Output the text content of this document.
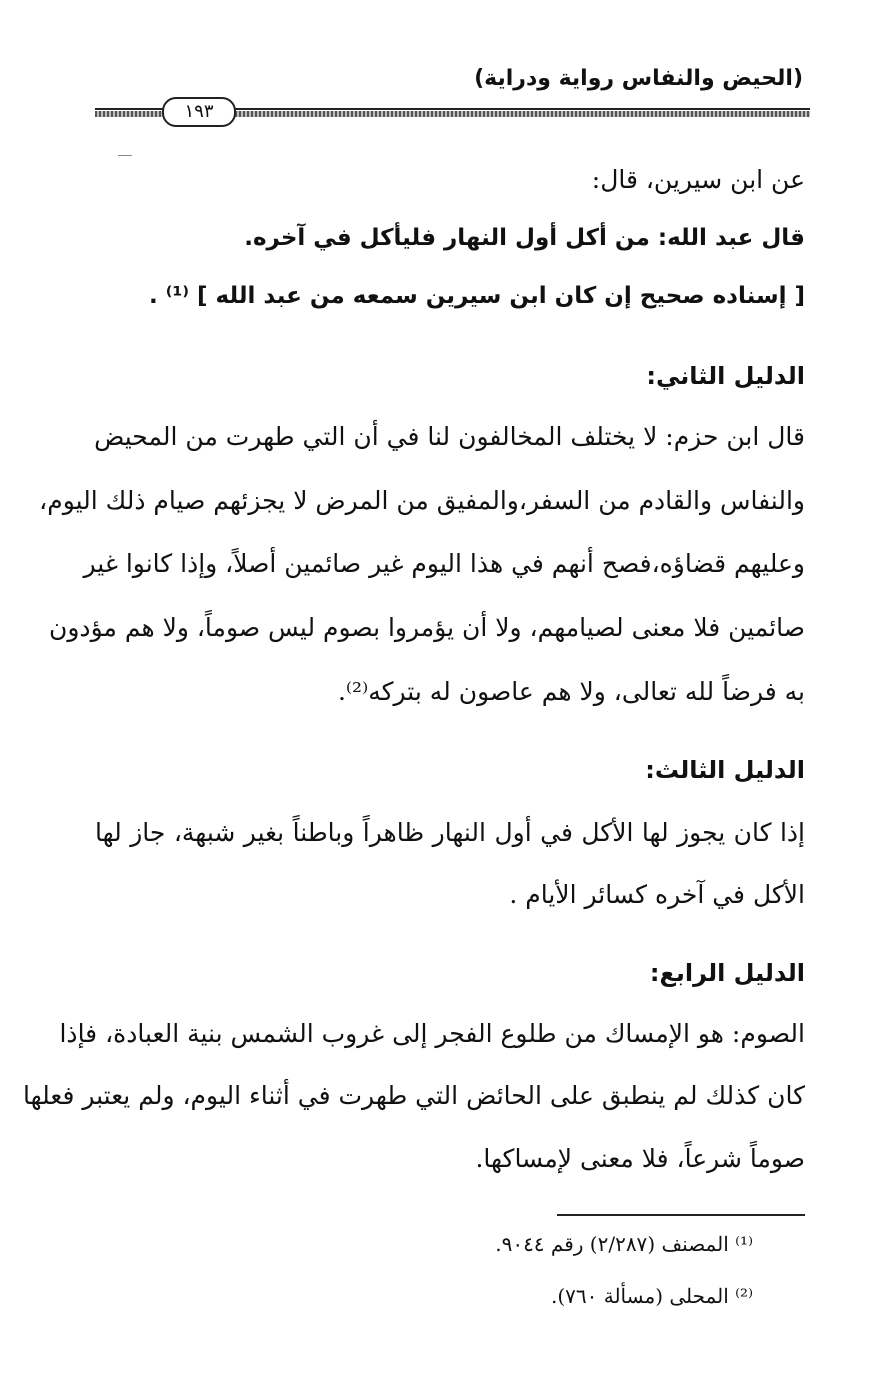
(الحيض والنفاس رواية ودراية)
١٩٣
عن ابن سيرين، قال:
قال عبد الله: من أكل أول النهار فليأكل في آخره.
[ إسناده صحيح إن كان ابن سيرين سمعه من عبد الله ] ⁽¹⁾ .
الدليل الثاني:
قال ابن حزم: لا يختلف المخالفون لنا في أن التي طهرت من المحيض
والنفاس والقادم من السفر،والمفيق من المرض لا يجزئهم صيام ذلك اليوم،
وعليهم قضاؤه،فصح أنهم في هذا اليوم غير صائمين أصلاً، وإذا كانوا غير
صائمين فلا معنى لصيامهم، ولا أن يؤمروا بصوم ليس صوماً، ولا هم مؤدون
به فرضاً لله تعالى، ولا هم عاصون له بتركه⁽²⁾.
الدليل الثالث:
إذا كان يجوز لها الأكل في أول النهار ظاهراً وباطناً بغير شبهة، جاز لها
الأكل في آخره كسائر الأيام .
الدليل الرابع:
الصوم: هو الإمساك من طلوع الفجر إلى غروب الشمس بنية العبادة، فإذا
كان كذلك لم ينطبق على الحائض التي طهرت في أثناء اليوم، ولم يعتبر فعلها
صوماً شرعاً، فلا معنى لإمساكها.
⁽¹⁾ المصنف (٢/٢٨٧) رقم ٩٠٤٤.
⁽²⁾ المحلى (مسألة ٧٦٠).
